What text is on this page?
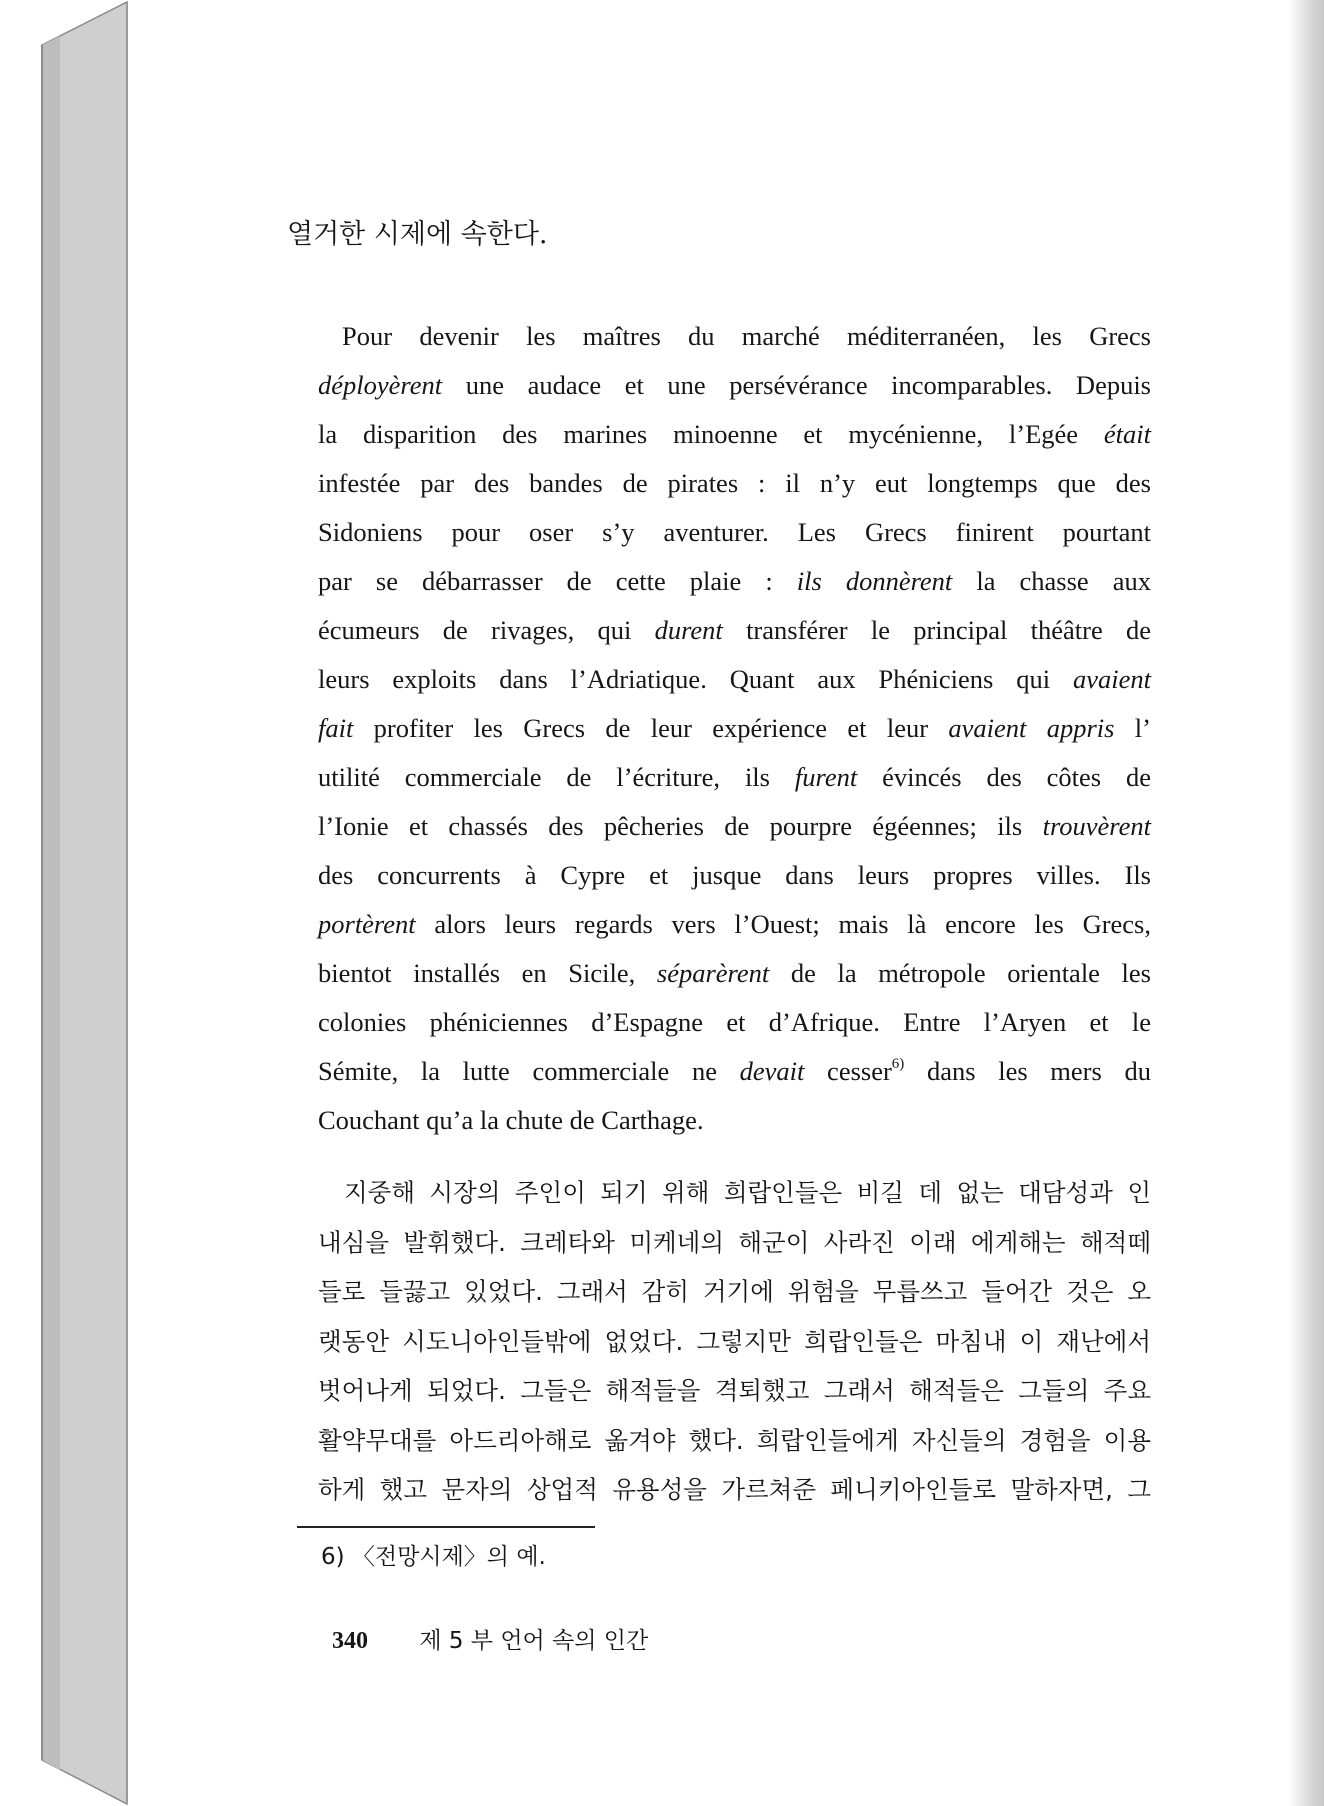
열거한 시제에 속한다.

Pour devenir les maîtres du marché méditerranéen, les Grecs
déployèrent une audace et une persévérance incomparables. Depuis
la disparition des marines minoenne et mycénienne, l’Egée était
infestée par des bandes de pirates : il n’y eut longtemps que des
Sidoniens pour oser s’y aventurer. Les Grecs finirent pourtant
par se débarrasser de cette plaie : ils donnèrent la chasse aux
écumeurs de rivages, qui durent transférer le principal théâtre de
leurs exploits dans l’Adriatique. Quant aux Phéniciens qui avaient
fait profiter les Grecs de leur expérience et leur avaient appris l’
utilité commerciale de l’écriture, ils furent évincés des côtes de
l’Ionie et chassés des pêcheries de pourpre égéennes; ils trouvèrent
des concurrents à Cypre et jusque dans leurs propres villes. Ils
portèrent alors leurs regards vers l’Ouest; mais là encore les Grecs,
bientot installés en Sicile, séparèrent de la métropole orientale les
colonies phéniciennes d’Espagne et d’Afrique. Entre l’Aryen et le
Sémite, la lutte commerciale ne devait cesser$^{6)}$ dans les mers du
Couchant qu’a la chute de Carthage.
지중해 시장의 주인이 되기 위해 희랍인들은 비길 데 없는 대담성과 인
내심을 발휘했다. 크레타와 미케네의 해군이 사라진 이래 에게해는 해적떼
들로 들끓고 있었다. 그래서 감히 거기에 위험을 무릅쓰고 들어간 것은 오
랫동안 시도니아인들밖에 없었다. 그렇지만 희랍인들은 마침내 이 재난에서
벗어나게 되었다. 그들은 해적들을 격퇴했고 그래서 해적들은 그들의 주요
활약무대를 아드리아해로 옮겨야 했다. 희랍인들에게 자신들의 경험을 이용
하게 했고 문자의 상업적 유용성을 가르쳐준 페니키아인들로 말하자면, 그

6) 〈전망시제〉의 예.

340 제 5 부 언어 속의 인간
